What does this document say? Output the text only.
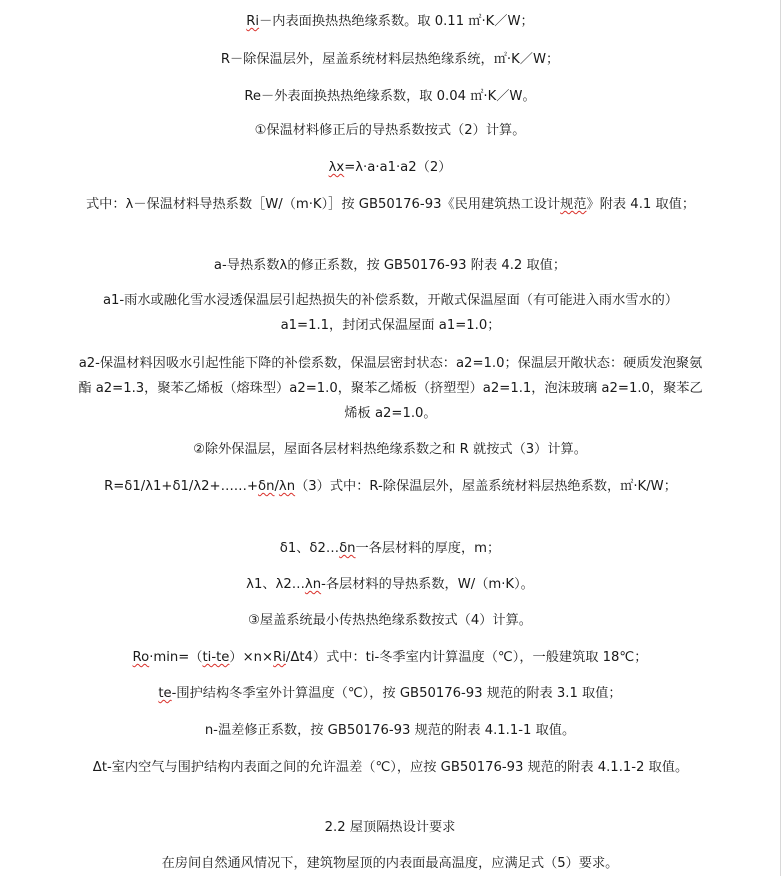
Ri－内表面换热热绝缘系数。取 0.11 ㎡·K／W；
R－除保温层外，屋盖系统材料层热绝缘系统，㎡·K／W；
Re－外表面换热热绝缘系数，取 0.04 ㎡·K／W。
①保温材料修正后的导热系数按式（2）计算。
λx=λ·a·a1·a2（2）
式中：λ－保温材料导热系数［W/（m·K）］按 GB50176-93《民用建筑热工设计规范》附表 4.1 取值；
a-导热系数λ的修正系数，按 GB50176-93 附表 4.2 取值；
a1-雨水或融化雪水浸透保温层引起热损失的补偿系数，开敞式保温屋面（有可能进入雨水雪水的）a1=1.1，封闭式保温屋面 a1=1.0；
a2-保温材料因吸水引起性能下降的补偿系数，保温层密封状态：a2=1.0；保温层开敞状态：硬质发泡聚氨酯 a2=1.3，聚苯乙烯板（熔珠型）a2=1.0，聚苯乙烯板（挤塑型）a2=1.1，泡沫玻璃 a2=1.0，聚苯乙烯板 a2=1.0。
②除外保温层，屋面各层材料热绝缘系数之和 R 就按式（3）计算。
R=δ1/λ1+δ1/λ2+……+δn/λn（3）式中：R-除保温层外，屋盖系统材料层热绝系数，㎡·K/W；
δ1、δ2…δn一各层材料的厚度，m；
λ1、λ2…λn-各层材料的导热系数，W/（m·K）。
③屋盖系统最小传热热绝缘系数按式（4）计算。
Ro·min=（ti-te）×n×Ri/Δt4）式中：ti-冬季室内计算温度（℃），一般建筑取 18℃；
te-围护结构冬季室外计算温度（℃），按 GB50176-93 规范的附表 3.1 取值；
n-温差修正系数，按 GB50176-93 规范的附表 4.1.1-1 取值。
Δt-室内空气与围护结构内表面之间的允许温差（℃），应按 GB50176-93 规范的附表 4.1.1-2 取值。
2.2 屋顶隔热设计要求
在房间自然通风情况下，建筑物屋顶的内表面最高温度，应满足式（5）要求。
